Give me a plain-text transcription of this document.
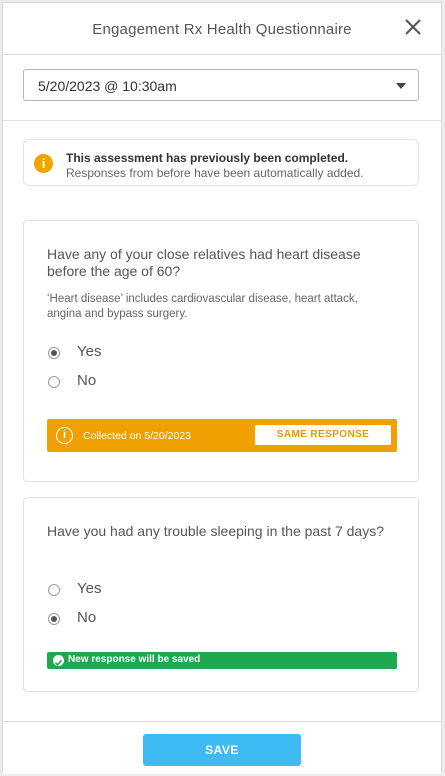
Engagement Rx Health Questionnaire
5/20/2023 @ 10:30am
i	This assessment has previously been completed.
Responses from before have been automatically added.
Have any of your close relatives had heart disease before the age of 60?
‘Heart disease’ includes cardiovascular disease, heart attack, angina and bypass surgery.
Yes
No
i	Collected on 5/20/2023	SAME RESPONSE
Have you had any trouble sleeping in the past 7 days?
Yes
No
New response will be saved
SAVE
